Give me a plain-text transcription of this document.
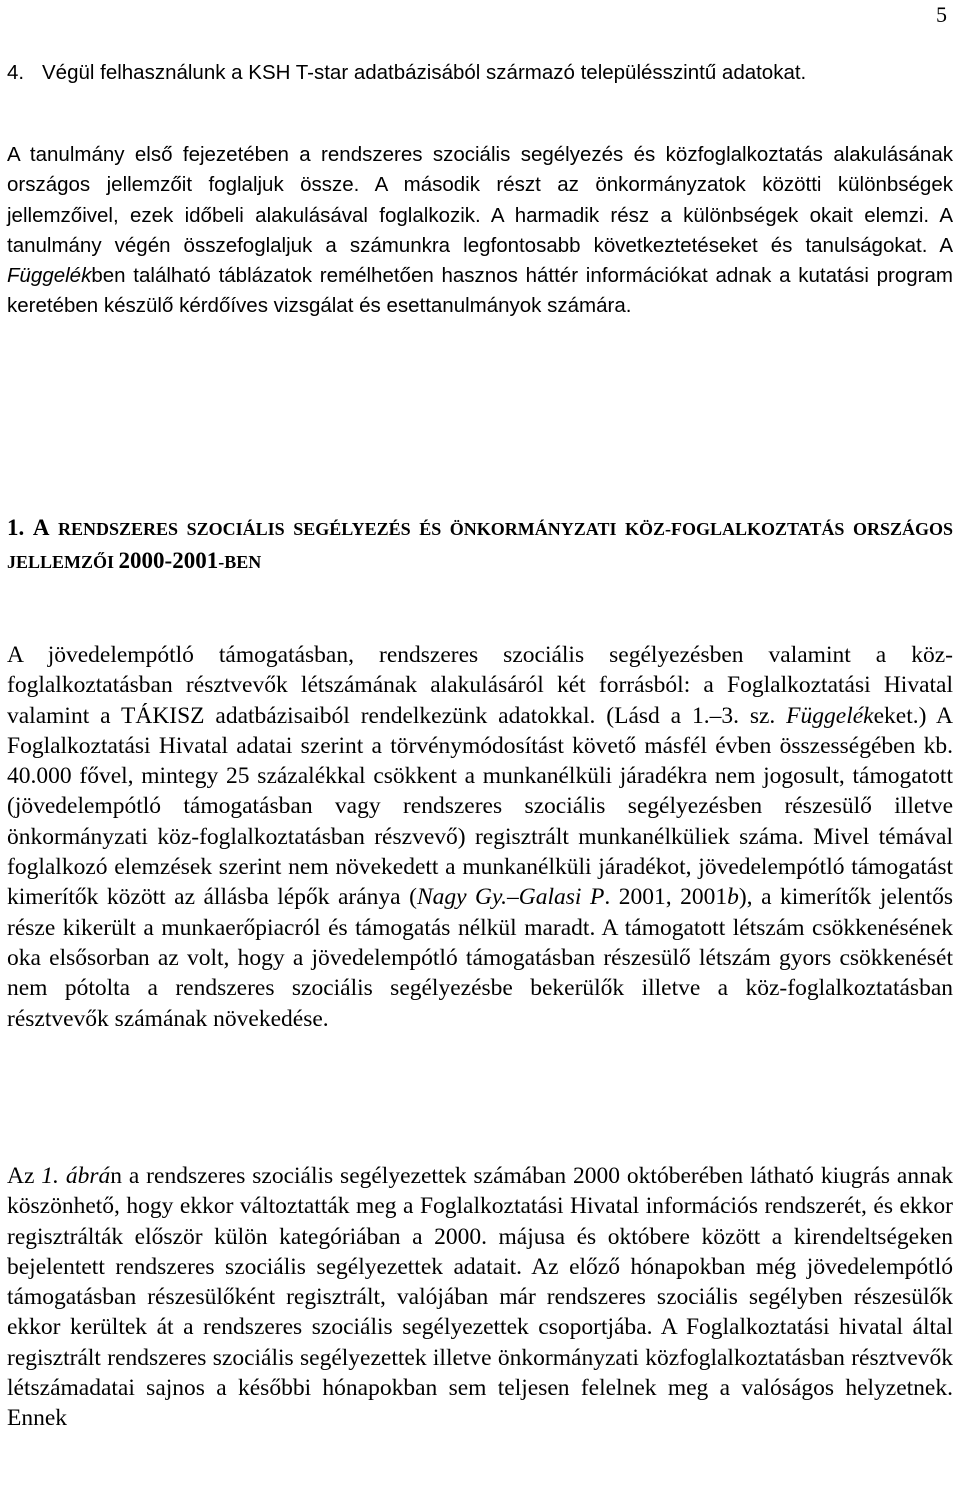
5
4. Végül felhasználunk a KSH T-star adatbázisából származó településszintű adatokat.

A tanulmány első fejezetében a rendszeres szociális segélyezés és közfoglalkoztatás alakulásának országos jellemzőit foglaljuk össze. A második részt az önkormányzatok közötti különbségek jellemzőivel, ezek időbeli alakulásával foglalkozik. A harmadik rész a különbségek okait elemzi. A tanulmány végén összefoglaljuk a számunkra legfontosabb következtetéseket és tanulságokat. A Függelékben található táblázatok remélhetően hasznos háttér információkat adnak a kutatási program keretében készülő kérdőíves vizsgálat és esettanulmányok számára.

1. A RENDSZERES SZOCIÁLIS SEGÉLYEZÉS ÉS ÖNKORMÁNYZATI KÖZ-FOGLALKOZTATÁS ORSZÁGOS JELLEMZŐI 2000-2001-BEN

A jövedelempótló támogatásban, rendszeres szociális segélyezésben valamint a köz-foglalkoztatásban résztvevők létszámának alakulásáról két forrásból: a Foglalkoztatási Hivatal valamint a TÁKISZ adatbázisaiból rendelkezünk adatokkal. (Lásd a 1.–3. sz. Függelékeket.) A Foglalkoztatási Hivatal adatai szerint a törvénymódosítást követő másfél évben összességében kb. 40.000 fővel, mintegy 25 százalékkal csökkent a munkanélküli járadékra nem jogosult, támogatott (jövedelempótló támogatásban vagy rendszeres szociális segélyezésben részesülő illetve önkormányzati köz-foglalkoztatásban részvevő) regisztrált munkanélküliek száma. Mivel témával foglalkozó elemzések szerint nem növekedett a munkanélküli járadékot, jövedelempótló támogatást kimerítők között az állásba lépők aránya (Nagy Gy.–Galasi P. 2001, 2001b), a kimerítők jelentős része kikerült a munkaerőpiacról és támogatás nélkül maradt. A támogatott létszám csökkenésének oka elsősorban az volt, hogy a jövedelempótló támogatásban részesülő létszám gyors csökkenését nem pótolta a rendszeres szociális segélyezésbe bekerülők illetve a köz-foglalkoztatásban résztvevők számának növekedése.

Az 1. ábrán a rendszeres szociális segélyezettek számában 2000 októberében látható kiugrás annak köszönhető, hogy ekkor változtatták meg a Foglalkoztatási Hivatal információs rendszerét, és ekkor regisztrálták először külön kategóriában a 2000. májusa és októbere között a kirendeltségeken bejelentett rendszeres szociális segélyezettek adatait. Az előző hónapokban még jövedelempótló támogatásban részesülőként regisztrált, valójában már rendszeres szociális segélyben részesülők ekkor kerültek át a rendszeres szociális segélyezettek csoportjába. A Foglalkoztatási hivatal által regisztrált rendszeres szociális segélyezettek illetve önkormányzati közfoglalkoztatásban résztvevők létszámadatai sajnos a későbbi hónapokban sem teljesen felelnek meg a valóságos helyzetnek. Ennek
